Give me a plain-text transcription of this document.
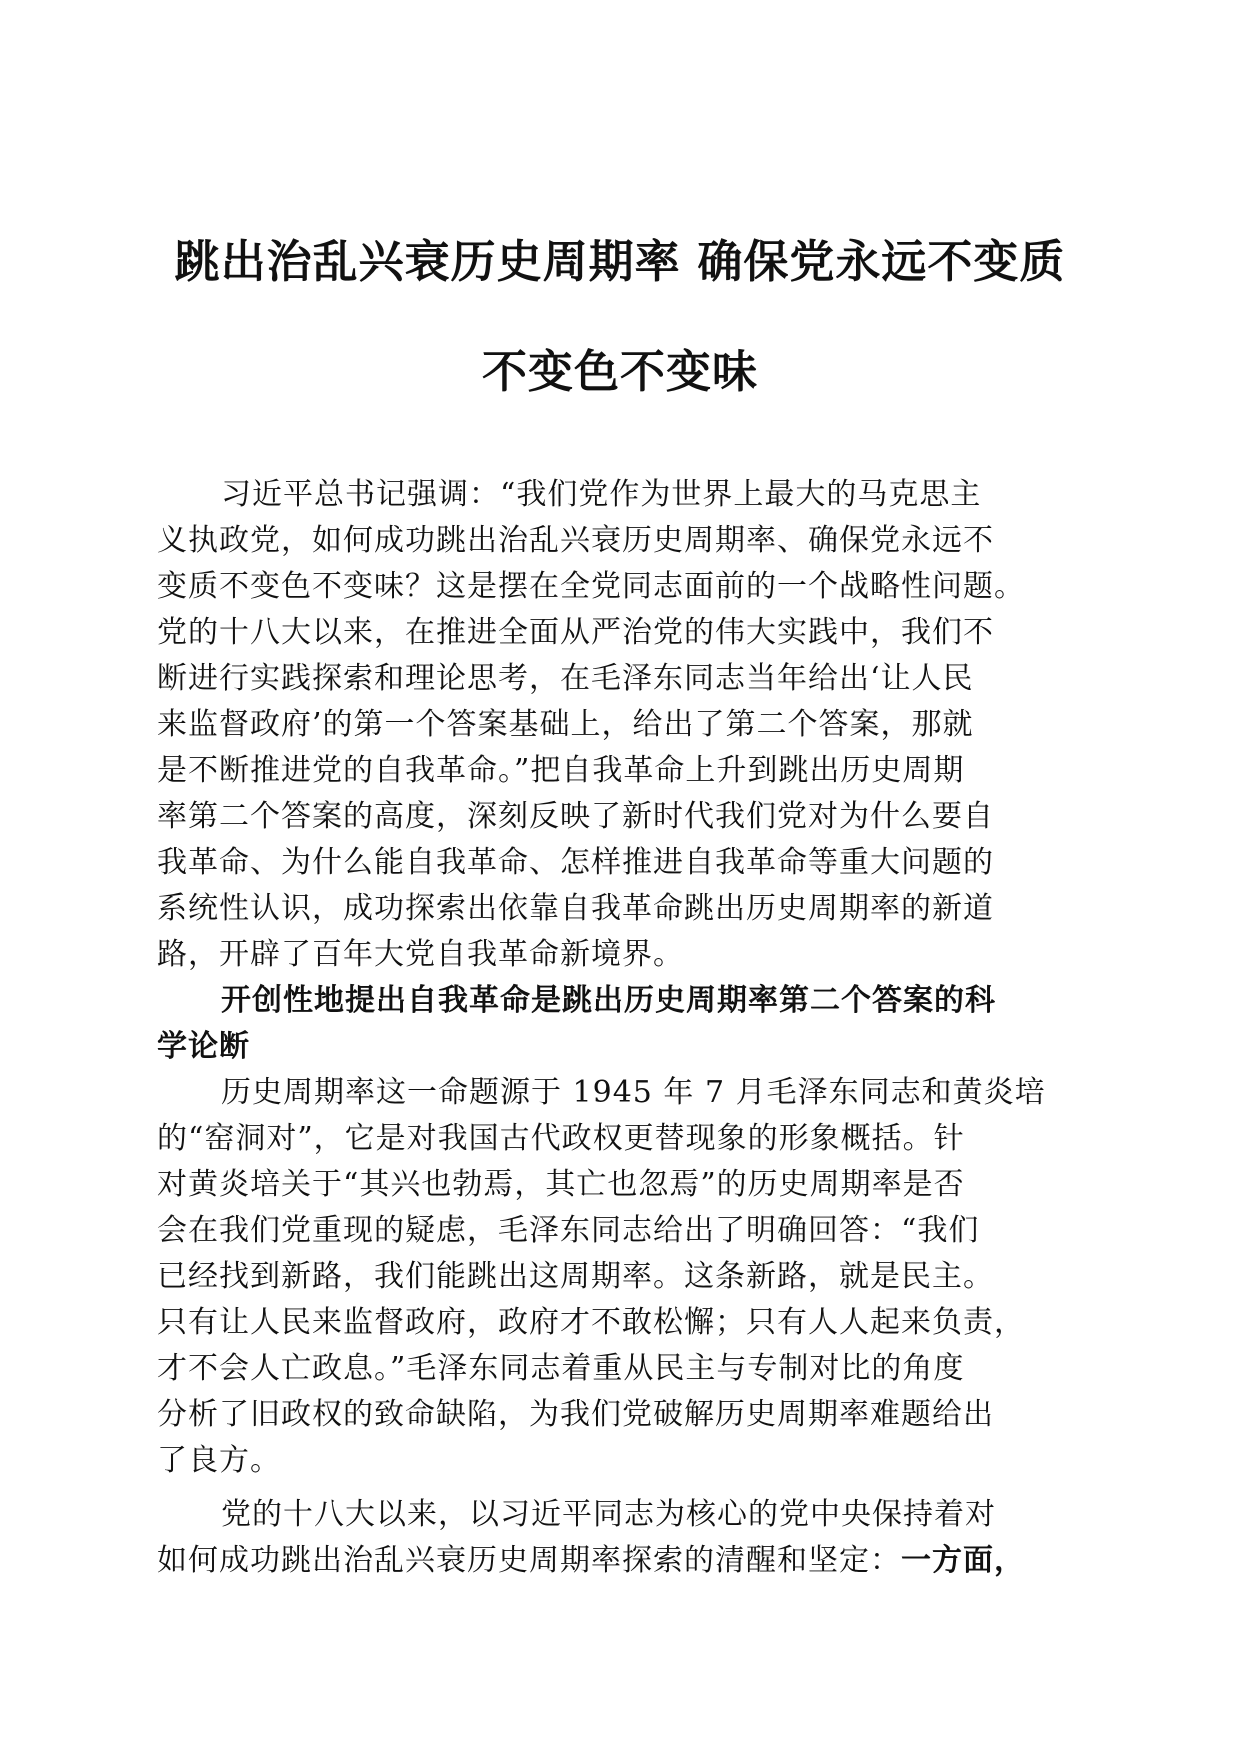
跳出治乱兴衰历史周期率 确保党永远不变质
不变色不变味
习近平总书记强调：“我们党作为世界上最大的马克思主
义执政党，如何成功跳出治乱兴衰历史周期率、确保党永远不
变质不变色不变味？这是摆在全党同志面前的一个战略性问题。
党的十八大以来，在推进全面从严治党的伟大实践中，我们不
断进行实践探索和理论思考，在毛泽东同志当年给出‘让人民
来监督政府’的第一个答案基础上，给出了第二个答案，那就
是不断推进党的自我革命。”把自我革命上升到跳出历史周期
率第二个答案的高度，深刻反映了新时代我们党对为什么要自
我革命、为什么能自我革命、怎样推进自我革命等重大问题的
系统性认识，成功探索出依靠自我革命跳出历史周期率的新道
路，开辟了百年大党自我革命新境界。
开创性地提出自我革命是跳出历史周期率第二个答案的科
学论断
历史周期率这一命题源于 1945 年 7 月毛泽东同志和黄炎培
的“窑洞对”，它是对我国古代政权更替现象的形象概括。针
对黄炎培关于“其兴也勃焉，其亡也忽焉”的历史周期率是否
会在我们党重现的疑虑，毛泽东同志给出了明确回答：“我们
已经找到新路，我们能跳出这周期率。这条新路，就是民主。
只有让人民来监督政府，政府才不敢松懈；只有人人起来负责，
才不会人亡政息。”毛泽东同志着重从民主与专制对比的角度
分析了旧政权的致命缺陷，为我们党破解历史周期率难题给出
了良方。
党的十八大以来，以习近平同志为核心的党中央保持着对
如何成功跳出治乱兴衰历史周期率探索的清醒和坚定：一方面，
